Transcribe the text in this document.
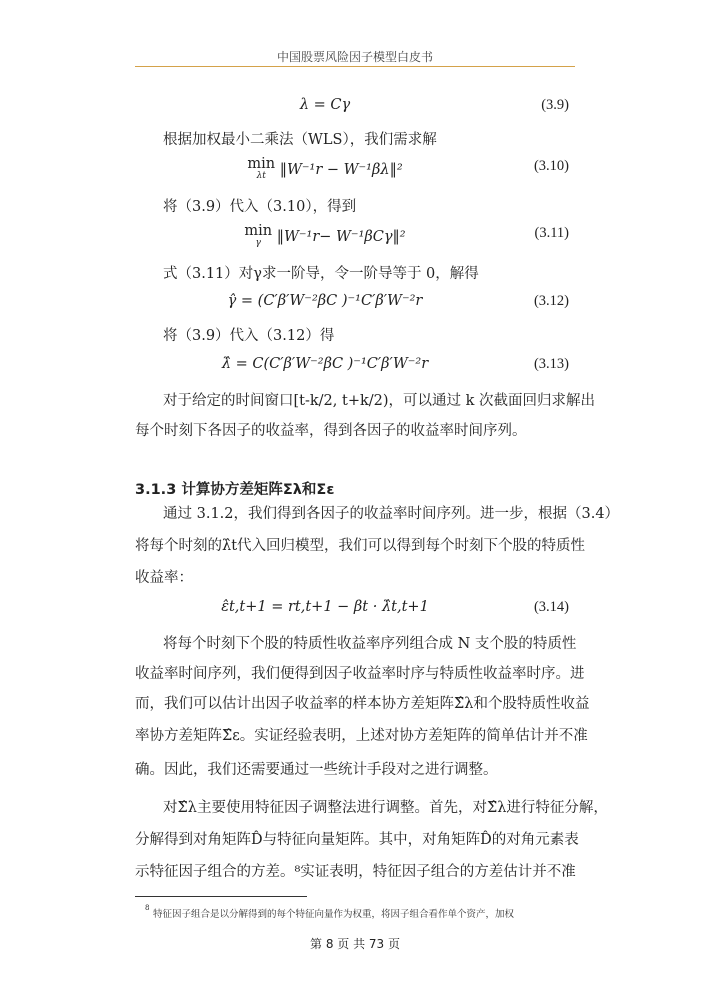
中国股票风险因子模型白皮书
λ = Cγ	(3.9)
根据加权最小二乘法（WLS），我们需求解
min
λt ‖W⁻¹r − W⁻¹βλ‖²	(3.10)
将（3.9）代入（3.10），得到
min
γ	‖W⁻¹r− W⁻¹βCγ‖²	(3.11)
式（3.11）对γ求一阶导，令一阶导等于 0，解得
γ̂ = (C′β′W⁻²βC )⁻¹C′β′W⁻²r	(3.12)
将（3.9）代入（3.12）得
λ̂ = C(C′β′W⁻²βC )⁻¹C′β′W⁻²r	(3.13)
对于给定的时间窗口[t-k/2, t+k/2)，可以通过 k 次截面回归求解出
每个时刻下各因子的收益率，得到各因子的收益率时间序列。
3.1.3 计算协方差矩阵Σλ和Σε
通过 3.1.2，我们得到各因子的收益率时间序列。进一步，根据（3.4）
将每个时刻的λ̂t代入回归模型，我们可以得到每个时刻下个股的特质性
收益率：
ε̂t,t+1 = rt,t+1 − βt · λ̂t,t+1	(3.14)
将每个时刻下个股的特质性收益率序列组合成 N 支个股的特质性
收益率时间序列，我们便得到因子收益率时序与特质性收益率时序。进
而，我们可以估计出因子收益率的样本协方差矩阵Σ̂λ和个股特质性收益
率协方差矩阵Σ̂ε。实证经验表明，上述对协方差矩阵的简单估计并不准
确。因此，我们还需要通过一些统计手段对之进行调整。
对Σ̂λ主要使用特征因子调整法进行调整。首先，对Σ̂λ进行特征分解，
分解得到对角矩阵D̂与特征向量矩阵。其中，对角矩阵D̂的对角元素表
示特征因子组合的方差。⁸实证表明，特征因子组合的方差估计并不准
8
特征因子组合是以分解得到的每个特征向量作为权重，将因子组合看作单个资产，加权
第 8 页 共 73 页
